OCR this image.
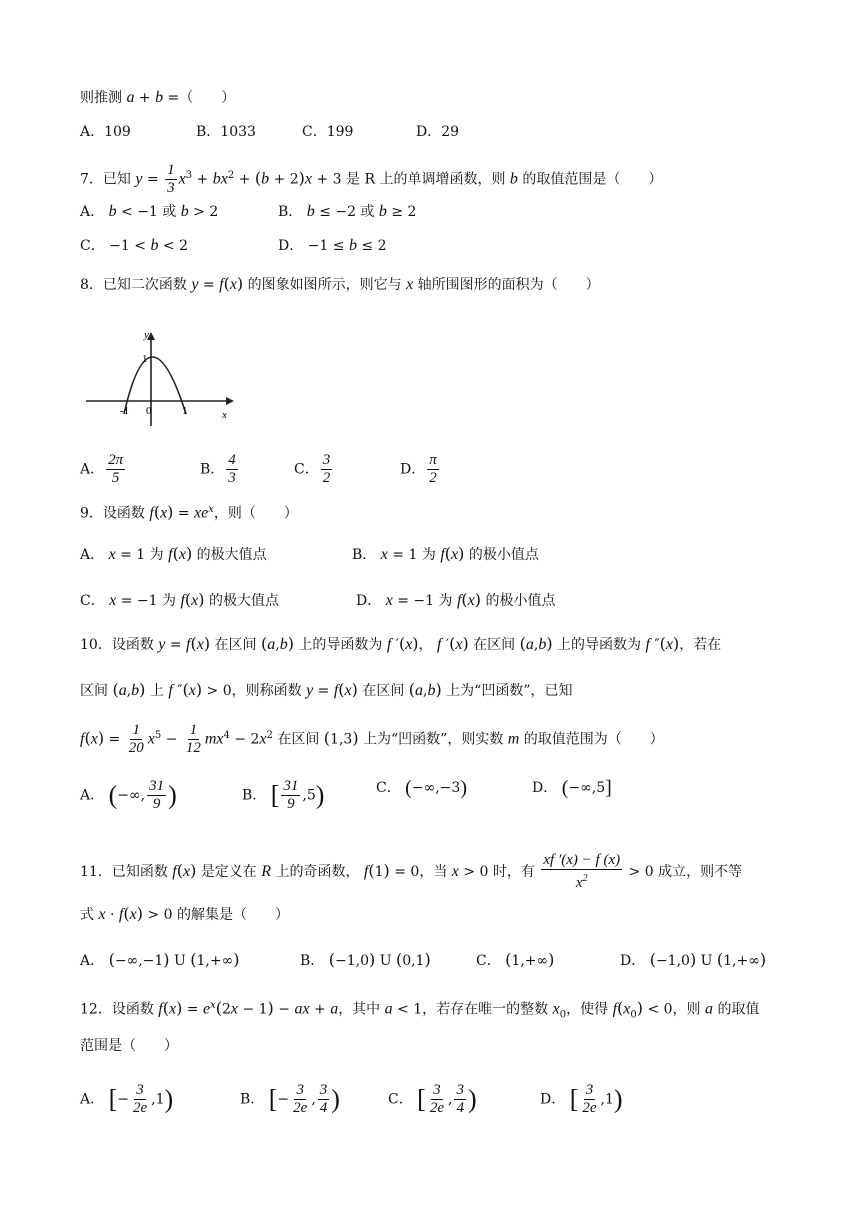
则推测 a + b =（　　）
A．109	B．1033	C．199	D．29
7．已知 $y = \frac{1}{3} x^3 + bx^2 + (b + 2)x + 3$ 是 R 上的单调增函数，则 b 的取值范围是（　　）
A． b < −1 或 b > 2	B． b ≤ −2 或 b ≥ 2
C． −1 < b < 2	D． −1 ≤ b ≤ 2
8．已知二次函数 y = f(x) 的图象如图所示，则它与 x 轴所围图形的面积为（　　）
y
1
-1 0	1	x
A． $\frac{2\pi}{5}$	B． $\frac{4}{3}$	C． $\frac{3}{2}$	D． $\frac{\pi}{2}$
9．设函数 $f(x) = xe^x$，则（　　）
A． x = 1 为 f(x) 的极大值点	B． x = 1 为 f(x) 的极小值点
C． x = −1 为 f(x) 的极大值点	D． x = −1 为 f(x) 的极小值点
10．设函数 y = f(x) 在区间 (a,b) 上的导函数为 f ′(x)， f ′(x) 在区间 (a,b) 上的导函数为 f ″(x)，若在
区间 (a,b) 上 f ″(x) > 0，则称函数 y = f(x) 在区间 (a,b) 上为“凹函数”，已知
$f(x) = \frac{1}{20} x^5 - \frac{1}{12} mx^4 - 2x^2$ 在区间 (1,3) 上为“凹函数”，则实数 m 的取值范围为（　　）
A． (−∞, $\frac{31}{9}$ )	B． [ $\frac{31}{9} ,5$)	C． (−∞,−3)	D． (−∞,5]
11．已知函数 f(x) 是定义在 R 上的奇函数， f(1) = 0，当 x > 0 时，有 $\frac{xf '(x) - f (x)}{x^2} > 0$ 成立，则不等
式 x · f(x) > 0 的解集是（　　）
A． (−∞,−1) U (1,+∞)	B． (−1,0) U (0,1)	C． (1,+∞)	D． (−1,0) U (1,+∞)
12．设函数 $f(x) = e^x(2x - 1)$ − ax + a，其中 a < 1，若存在唯一的整数 $x_0$，使得 $f(x_0) < 0$，则 a 的取值
范围是（　　）
A． [− $\frac{3}{2e} ,1$)	B． [− $\frac{3}{2e}$ , $\frac{3}{4}$ )	C． [ $\frac{3}{2e}$ , $\frac{3}{4}$ )	D． [ $\frac{3}{2e} ,1$)
